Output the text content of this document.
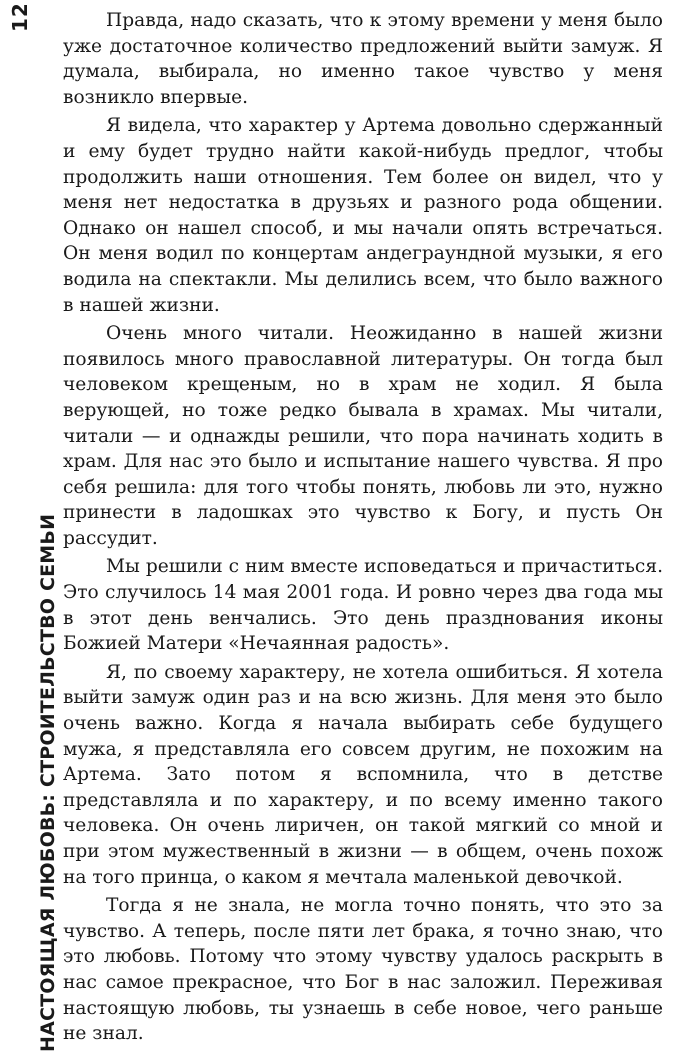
12
НАСТОЯЩАЯ ЛЮБОВЬ: СТРОИТЕЛЬСТВО СЕМЬИ

Правда, надо сказать, что к этому времени у меня было уже достаточное количество предложений выйти замуж. Я думала, выбирала, но именно такое чувство у меня возникло впервые.

Я видела, что характер у Артема довольно сдержанный и ему будет трудно найти какой-нибудь предлог, чтобы продолжить наши отношения. Тем более он видел, что у меня нет недостатка в друзьях и разного рода общении. Однако он нашел способ, и мы начали опять встречаться. Он меня водил по концертам андеграундной музыки, я его водила на спектакли. Мы делились всем, что было важного в нашей жизни.

Очень много читали. Неожиданно в нашей жизни появилось много православной литературы. Он тогда был человеком крещеным, но в храм не ходил. Я была верующей, но тоже редко бывала в храмах. Мы читали, читали — и однажды решили, что пора начинать ходить в храм. Для нас это было и испытание нашего чувства. Я про себя решила: для того чтобы понять, любовь ли это, нужно принести в ладошках это чувство к Богу, и пусть Он рассудит.

Мы решили с ним вместе исповедаться и причаститься. Это случилось 14 мая 2001 года. И ровно через два года мы в этот день венчались. Это день празднования иконы Божией Матери «Нечаянная радость».

Я, по своему характеру, не хотела ошибиться. Я хотела выйти замуж один раз и на всю жизнь. Для меня это было очень важно. Когда я начала выбирать себе будущего мужа, я представляла его совсем другим, не похожим на Артема. Зато потом я вспомнила, что в детстве представляла и по характеру, и по всему именно такого человека. Он очень лиричен, он такой мягкий со мной и при этом мужественный в жизни — в общем, очень похож на того принца, о каком я мечтала маленькой девочкой.

Тогда я не знала, не могла точно понять, что это за чувство. А теперь, после пяти лет брака, я точно знаю, что это любовь. Потому что этому чувству удалось раскрыть в нас самое прекрасное, что Бог в нас заложил. Переживая настоящую любовь, ты узнаешь в себе новое, чего раньше не знал.
